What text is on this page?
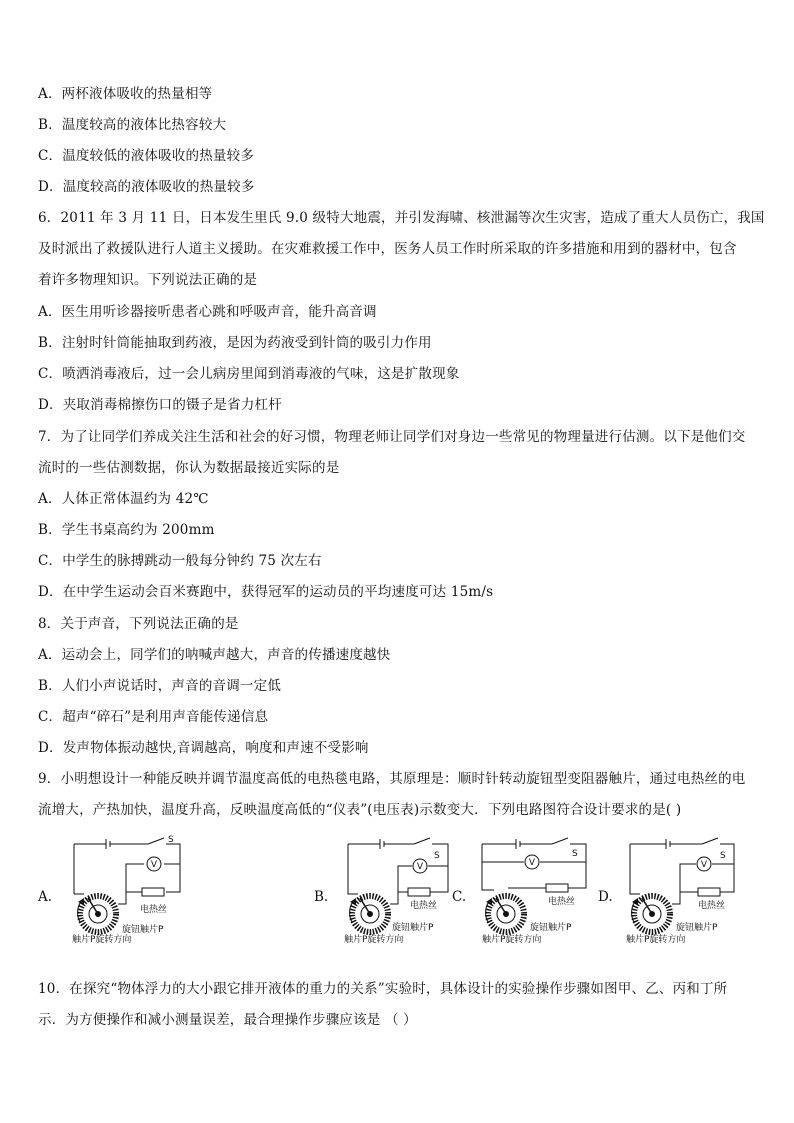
A．两杯液体吸收的热量相等
B．温度较高的液体比热容较大
C．温度较低的液体吸收的热量较多
D．温度较高的液体吸收的热量较多
6．2011 年 3 月 11 日，日本发生里氏 9.0 级特大地震，并引发海啸、核泄漏等次生灾害，造成了重大人员伤亡，我国
及时派出了救援队进行人道主义援助。在灾难救援工作中，医务人员工作时所采取的许多措施和用到的器材中，包含
着许多物理知识。下列说法正确的是
A．医生用听诊器接听患者心跳和呼吸声音，能升高音调
B．注射时针筒能抽取到药液，是因为药液受到针筒的吸引力作用
C．喷洒消毒液后，过一会儿病房里闻到消毒液的气味，这是扩散现象
D．夹取消毒棉擦伤口的镊子是省力杠杆
7．为了让同学们养成关注生活和社会的好习惯，物理老师让同学们对身边一些常见的物理量进行估测。以下是他们交
流时的一些估测数据，你认为数据最接近实际的是
A．人体正常体温约为 42℃
B．学生书桌高约为 200mm
C．中学生的脉搏跳动一般每分钟约 75 次左右
D．在中学生运动会百米赛跑中，获得冠军的运动员的平均速度可达 15m/s
8．关于声音，下列说法正确的是
A．运动会上，同学们的呐喊声越大，声音的传播速度越快
B．人们小声说话时，声音的音调一定低
C．超声“碎石”是利用声音能传递信息
D．发声物体振动越快,音调越高，响度和声速不受影响
9．小明想设计一种能反映并调节温度高低的电热毯电路，其原理是：顺时针转动旋钮型变阻器触片，通过电热丝的电
流增大，产热加快，温度升高，反映温度高低的“仪表”(电压表)示数变大．下列电路图符合设计要求的是( )
A.
V
S
电热丝
旋钮触片P
触片P旋转方向
B.
V
S
电热丝
旋钮触片P
触片P旋转方向
C.
V
S
电热丝
旋钮触片P
触片P旋转方向
D.
V
S
电热丝
旋钮触片P
触片P旋转方向
10．在探究“物体浮力的大小跟它排开液体的重力的关系”实验时，具体设计的实验操作步骤如图甲、乙、丙和丁所
示．为方便操作和减小测量误差，最合理操作步骤应该是 （ ）
